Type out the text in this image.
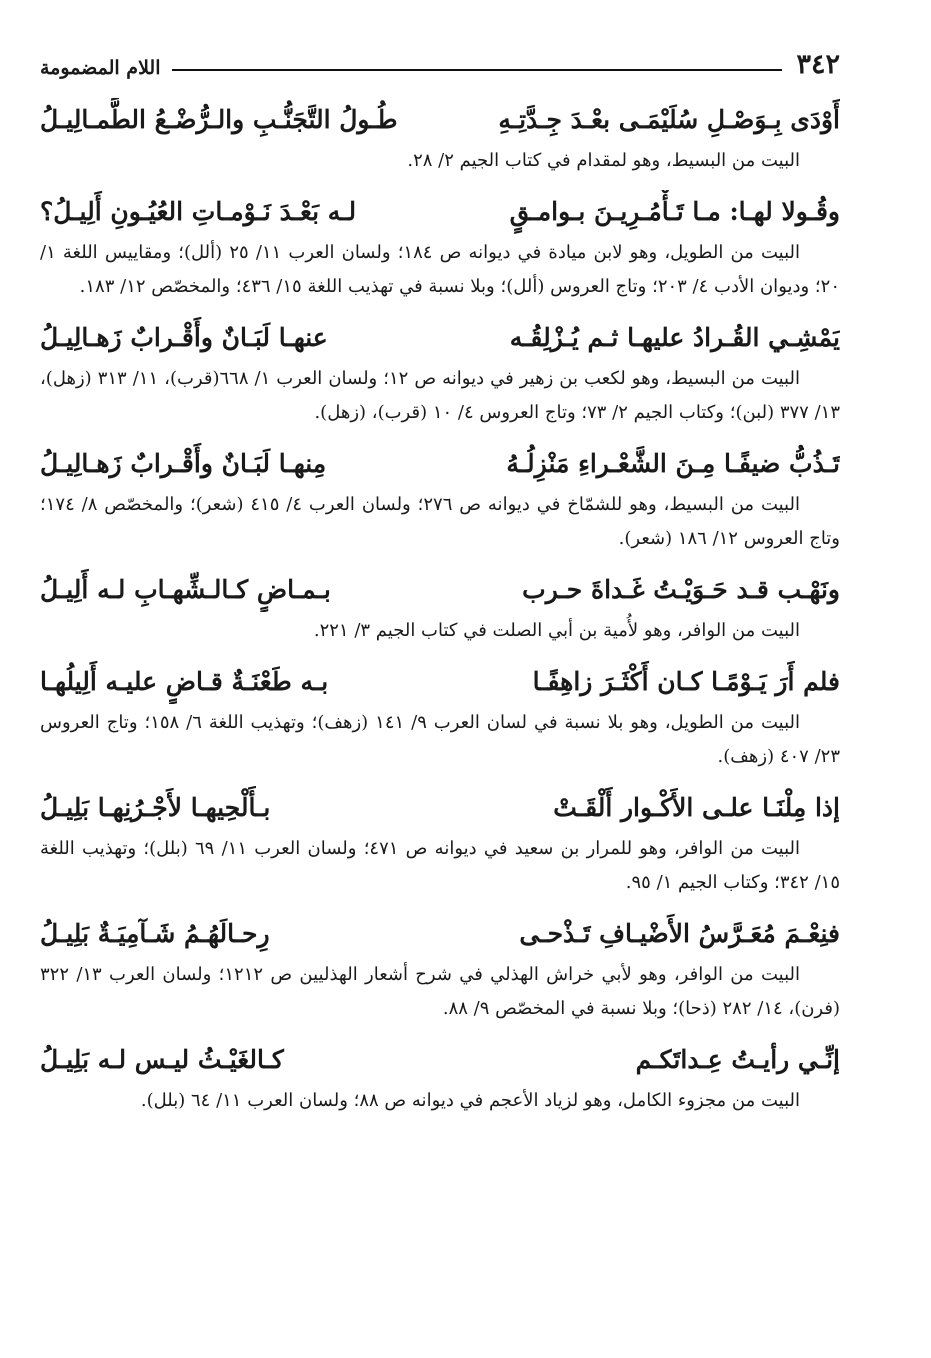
٣٤٢
اللام المضمومة
أَوْدَى بِـوَصْـلِ سُلَيْمَـى بعْـدَ جِـدَّتِـهِ
طُـولُ التَّجَنُّـبِ والـرُّضْـعُ الطَّمـالِيـلُ

البيت من البسيط، وهو لمقدام في كتاب الجيم ٢/ ٢٨.

وقُـولا لهـا: مـا تَـأْمُـرِيـنَ بـوامـقٍ
لـه بَعْـدَ نَـوْمـاتِ العُيُـونِ أَلِيـلُ؟

البيت من الطويل، وهو لابن ميادة في ديوانه ص ١٨٤؛ ولسان العرب ١١/ ٢٥ (ألل)؛ ومقاييس اللغة ١/ ٢٠؛ وديوان الأدب ٤/ ٢٠٣؛ وتاج العروس (ألل)؛ وبلا نسبة في تهذيب اللغة ١٥/ ٤٣٦؛ والمخصّص ١٢/ ١٨٣.

يَمْشِـي القُـرادُ عليهـا ثـم يُـزْلِقُـه
عنهـا لَبَـانٌ وأَقْـرابٌ زَهـالِيـلُ

البيت من البسيط، وهو لكعب بن زهير في ديوانه ص ١٢؛ ولسان العرب ١/ ٦٦٨(قرب)، ١١/ ٣١٣ (زهل)، ١٣/ ٣٧٧ (لبن)؛ وكتاب الجيم ٢/ ٧٣؛ وتاج العروس ٤/ ١٠ (قرب)، (زهل).

تَـذُبُّ ضيفًـا مِـنَ الشَّعْـراءِ مَنْزِلُـهُ
مِنهـا لَبَـانٌ وأَقْـرابٌ زَهـالِيـلُ

البيت من البسيط، وهو للشمّاخ في ديوانه ص ٢٧٦؛ ولسان العرب ٤/ ٤١٥ (شعر)؛ والمخصّص ٨/ ١٧٤؛ وتاج العروس ١٢/ ١٨٦ (شعر).

ونَهْـب قـد حَـوَيْـتُ غَـداةَ حـرب
بـمـاضٍ كـالـشِّهـابِ لـه أَلِيـلُ

البيت من الوافر، وهو لأُمية بن أبي الصلت في كتاب الجيم ٣/ ٢٢١.

فلم أَرَ يَـوْمًـا كـان أَكْثَـرَ زاهِفًـا
بـه طَعْنَـةٌ قـاضٍ عليـه أَلِيلُهـا

البيت من الطويل، وهو بلا نسبة في لسان العرب ٩/ ١٤١ (زهف)؛ وتهذيب اللغة ٦/ ١٥٨؛ وتاج العروس ٢٣/ ٤٠٧ (زهف).

إذا مِلْنَـا علـى الأَكْـوار أَلْقَـتْ
بـأَلْحِيهـا لأَجْـرُنِهـا بَلِيـلُ

البيت من الوافر، وهو للمرار بن سعيد في ديوانه ص ٤٧١؛ ولسان العرب ١١/ ٦٩ (بلل)؛ وتهذيب اللغة ١٥/ ٣٤٢؛ وكتاب الجيم ١/ ٩٥.

فنِعْـمَ مُعَـرَّسُ الأَضْيـافِ تَـذْحـى
رِحـالَهُـمُ شَـآمِيَـةٌ بَلِيـلُ

البيت من الوافر، وهو لأبي خراش الهذلي في شرح أشعار الهذليين ص ١٢١٢؛ ولسان العرب ١٣/ ٣٢٢ (فرن)، ١٤/ ٢٨٢ (ذحا)؛ وبلا نسبة في المخصّص ٩/ ٨٨.

إنِّـي رأيـتُ عِـداتَكـم
كـالغَيْـثُ ليـس لـه بَلِيـلُ

البيت من مجزوء الكامل، وهو لزياد الأعجم في ديوانه ص ٨٨؛ ولسان العرب ١١/ ٦٤ (بلل).
